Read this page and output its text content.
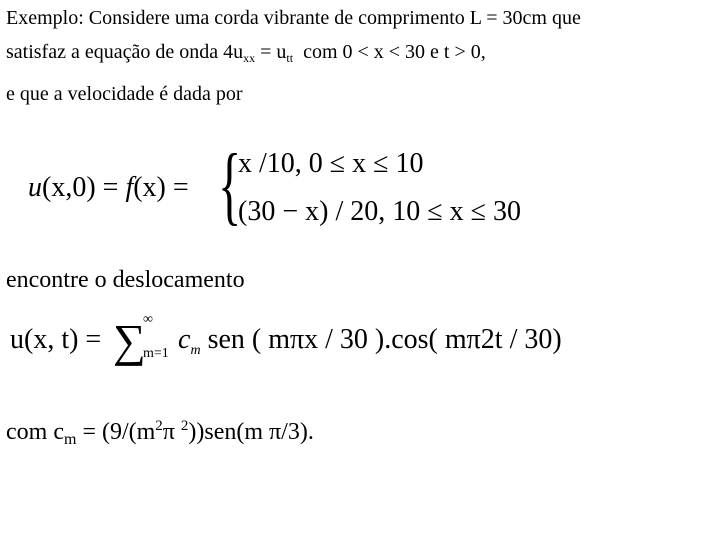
Exemplo: Considere uma corda vibrante de comprimento L = 30cm que
satisfaz a equação de onda $4u_{xx} = u_{tt}$ com 0 < x < 30 e t > 0,
e que a velocidade é dada por
u(x,0) = f(x) = {
x /10, 0 ≤ x ≤ 10
(30 − x) / 20, 10 ≤ x ≤ 30
encontre o deslocamento
u(x, t) = ∑
∞
m=1 $c_m$ sen ( mπx / 30 ).cos( mπ2t / 30)
com $c_m = (9/(m^2\pi$ $^2$))sen(m π/3).
